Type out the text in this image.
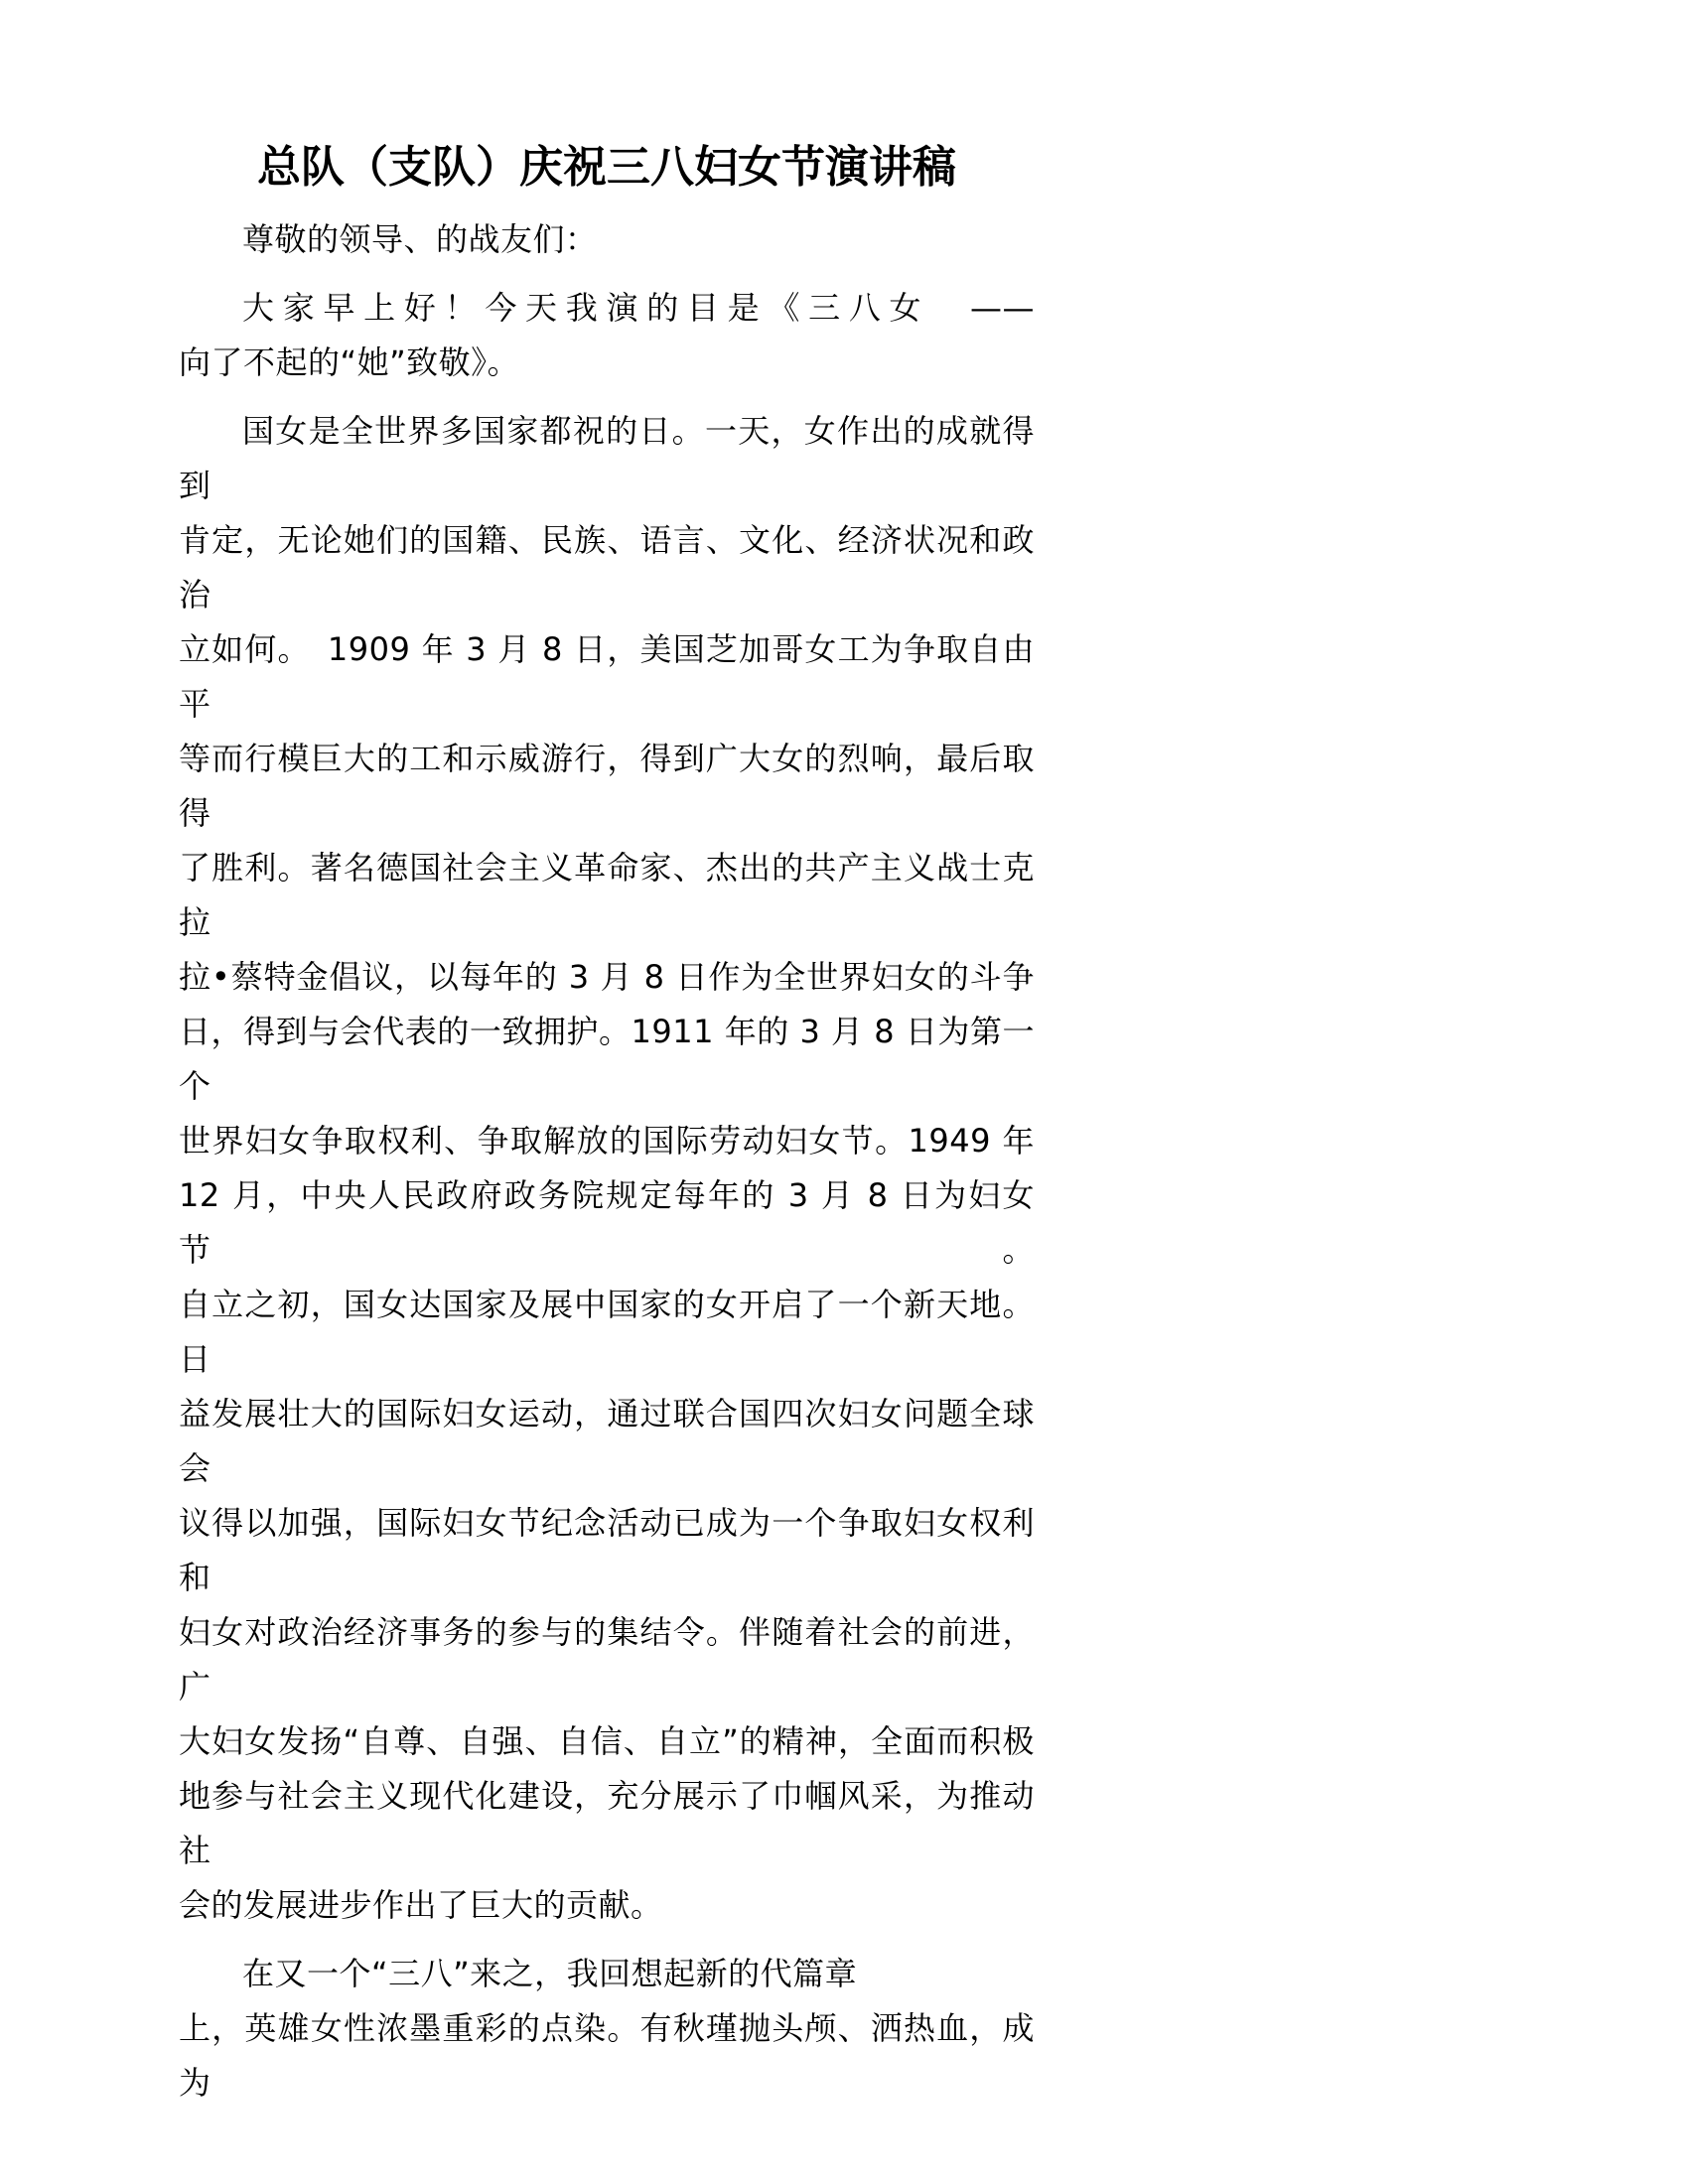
总队（支队）庆祝三八妇女节演讲稿
尊敬的领导、的战友们：
大家早上好！今天我演的目是《三八女　——
向了不起的“她”致敬》。
国女是全世界多国家都祝的日。一天，女作出的成就得到
肯定，无论她们的国籍、民族、语言、文化、经济状况和政治
立如何。　1909 年 3 月 8 日，美国芝加哥女工为争取自由平
等而行模巨大的工和示威游行，得到广大女的烈响，最后取得
了胜利。著名德国社会主义革命家、杰出的共产主义战士克拉
拉•蔡特金倡议，以每年的 3 月 8 日作为全世界妇女的斗争
日，得到与会代表的一致拥护。1911 年的 3 月 8 日为第一个
世界妇女争取权利、争取解放的国际劳动妇女节。1949 年
12 月，中央人民政府政务院规定每年的 3 月 8 日为妇女节。
自立之初，国女达国家及展中国家的女开启了一个新天地。日
益发展壮大的国际妇女运动，通过联合国四次妇女问题全球会
议得以加强，国际妇女节纪念活动已成为一个争取妇女权利和
妇女对政治经济事务的参与的集结令。伴随着社会的前进，广
大妇女发扬“自尊、自强、自信、自立”的精神，全面而积极
地参与社会主义现代化建设，充分展示了巾帼风采，为推动社
会的发展进步作出了巨大的贡献。
在又一个“三八”来之，我回想起新的代篇章
上，英雄女性浓墨重彩的点染。有秋瑾抛头颅、洒热血，成为
